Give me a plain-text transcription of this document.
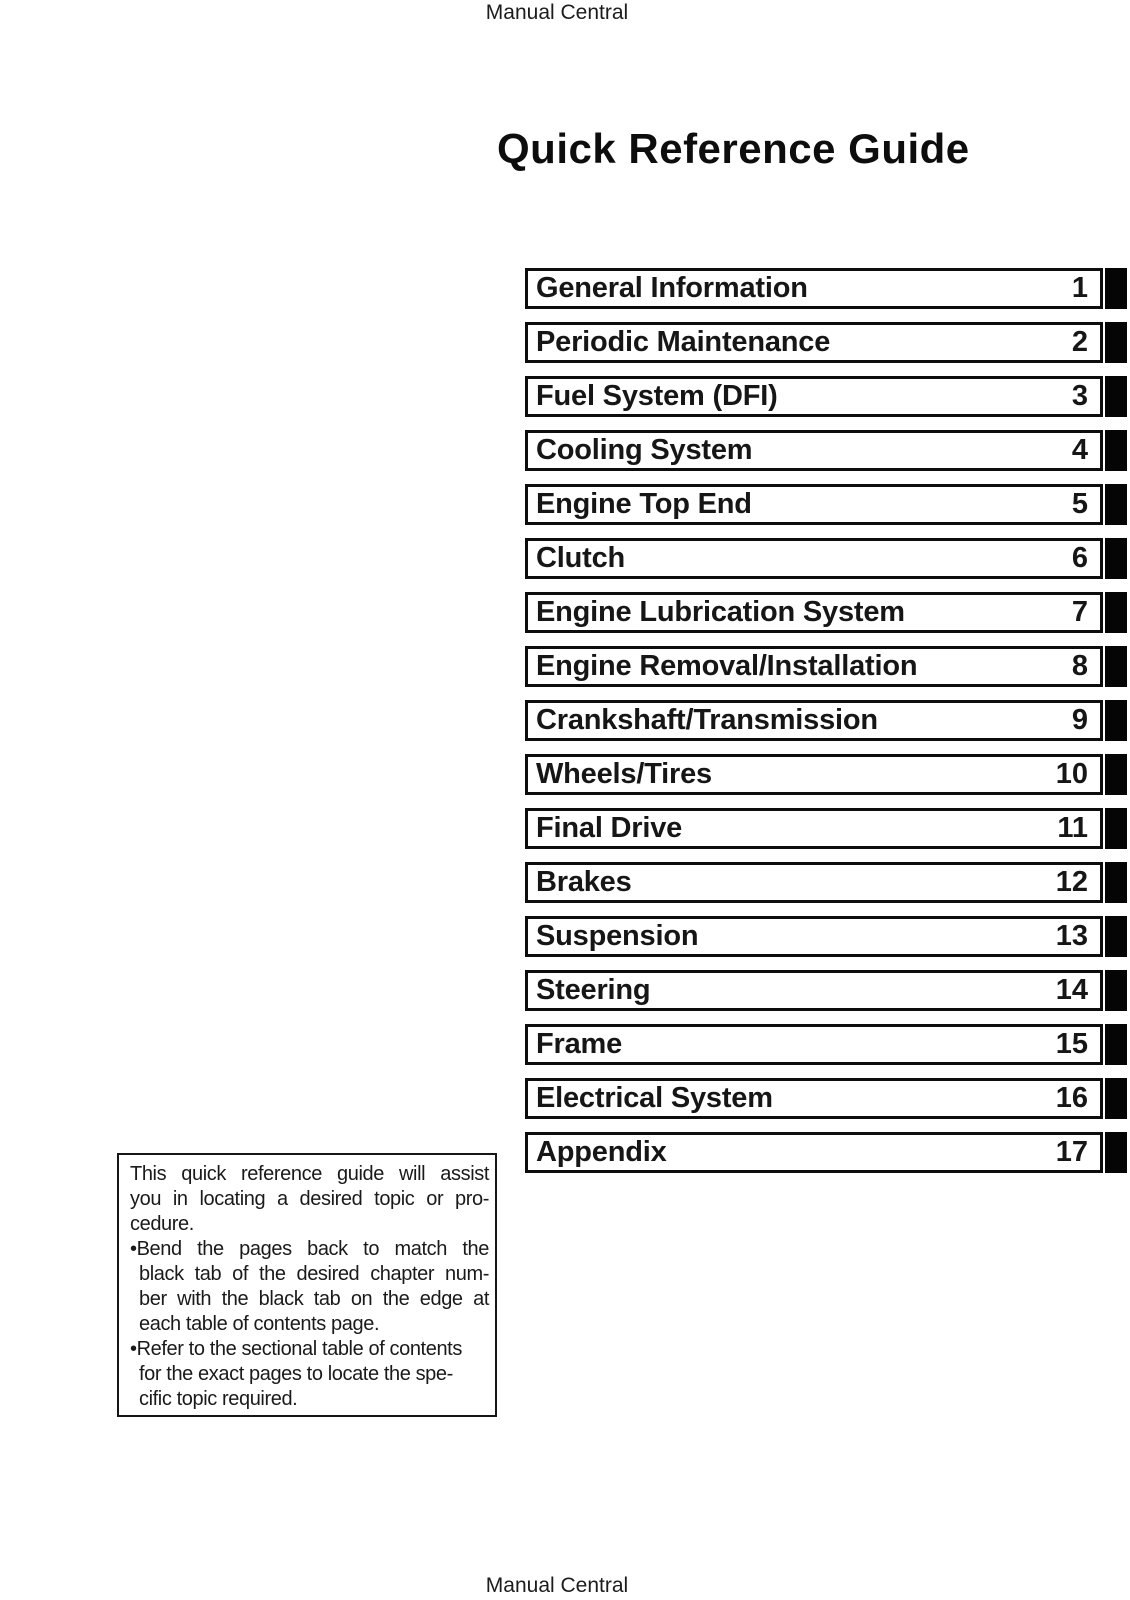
Manual Central
Quick Reference Guide
General Information	1
Periodic Maintenance	2
Fuel System (DFI)	3
Cooling System	4
Engine Top End	5
Clutch	6
Engine Lubrication System	7
Engine Removal/Installation	8
Crankshaft/Transmission	9
Wheels/Tires	10
Final Drive	11
Brakes	12
Suspension	13
Steering	14
Frame	15
Electrical System	16
Appendix	17
This quick reference guide will assist
you in locating a desired topic or pro-
cedure.
•Bend the pages back to match the
black tab of the desired chapter num-
ber with the black tab on the edge at
each table of contents page.
•Refer to the sectional table of contents
for the exact pages to locate the spe-
cific topic required.
Manual Central
